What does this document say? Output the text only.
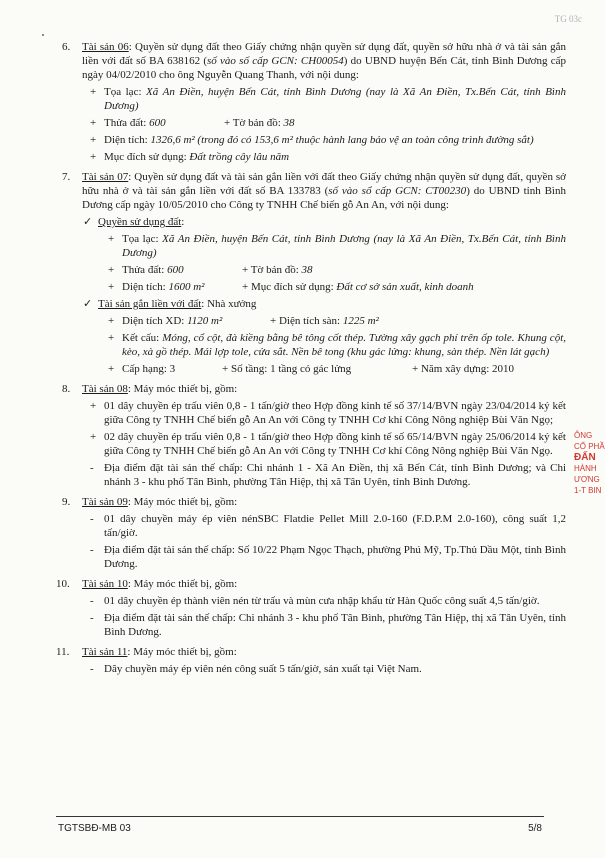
TG 03c
6. Tài sản 06: Quyền sử dụng đất theo Giấy chứng nhận quyền sử dụng đất, quyền sở hữu nhà ở và tài sản gắn liền với đất số BA 638162 (số vào số cấp GCN: CH00054) do UBND huyện Bến Cát, tỉnh Bình Dương cấp ngày 04/02/2010 cho ông Nguyễn Quang Thanh, với nội dung:
+ Tọa lạc: Xã An Điền, huyện Bến Cát, tỉnh Bình Dương (nay là Xã An Điền, Tx.Bến Cát, tỉnh Bình Dương)
+ Thửa đất: 600	+ Tờ bản đồ: 38
+ Diện tích: 1326,6 m² (trong đó có 153,6 m² thuộc hành lang bảo vệ an toàn công trình đường sắt)
+ Mục đích sử dụng: Đất trồng cây lâu năm
7. Tài sản 07: Quyền sử dụng đất và tài sản gắn liền với đất theo Giấy chứng nhận quyền sử dụng đất, quyền sở hữu nhà ở và tài sản gắn liền với đất số BA 133783 (số vào sổ cấp GCN: CT00230) do UBND tỉnh Bình Dương cấp ngày 10/05/2010 cho Công ty TNHH Chế biến gỗ An An, với nội dung:
✓ Quyền sử dụng đất:
+ Tọa lạc: Xã An Điền, huyện Bến Cát, tỉnh Bình Dương (nay là Xã An Điền, Tx.Bến Cát, tỉnh Bình Dương)
+ Thửa đất: 600	+ Tờ bản đồ: 38
+ Diện tích: 1600 m²	+ Mục đích sử dụng: Đất cơ sở sản xuất, kinh doanh
✓ Tài sản gắn liền với đất: Nhà xưởng
+ Diện tích XD: 1120 m²	+ Diện tích sàn: 1225 m²
+ Kết cấu: Móng, cổ cột, đà kiềng bằng bê tông cốt thép. Tường xây gạch phí trên ốp tole. Khung cột, kèo, xà gồ thép. Mái lợp tole, cửa sắt. Nền bê tong (khu gác lửng: khung, sàn thép. Nền lát gạch)
+ Cấp hạng: 3	+ Số tầng: 1 tầng có gác lửng	+ Năm xây dựng: 2010
8. Tài sản 08: Máy móc thiết bị, gồm:
+ 01 dây chuyền ép trấu viên 0,8 - 1 tấn/giờ theo Hợp đồng kinh tế số 37/14/BVN ngày 23/04/2014 ký kết giữa Công ty TNHH Chế biến gỗ An An với Công ty TNHH Cơ khí Công Nông nghiệp Bùi Văn Ngọ;
+ 02 dây chuyền ép trấu viên 0,8 - 1 tấn/giờ theo Hợp đồng kinh tế số 65/14/BVN ngày 25/06/2014 ký kết giữa Công ty TNHH Chế biến gỗ An An với Công ty TNHH Cơ khí Công Nông nghiệp Bùi Văn Ngọ.
- Địa điểm đặt tài sản thế chấp: Chi nhánh 1 - Xã An Điền, thị xã Bến Cát, tỉnh Bình Dương; và Chi nhánh 3 - khu phố Tân Bình, phường Tân Hiệp, thị xã Tân Uyên, tỉnh Bình Dương.
9. Tài sản 09: Máy móc thiết bị, gồm:
- 01 dây chuyền máy ép viên nénSBC Flatdie Pellet Mill 2.0-160 (F.D.P.M 2.0-160), công suất 1,2 tấn/giờ.
- Địa điểm đặt tài sản thế chấp: Số 10/22 Phạm Ngọc Thạch, phường Phú Mỹ, Tp.Thủ Dầu Một, tỉnh Bình Dương.
10. Tài sản 10: Máy móc thiết bị, gồm:
- 01 dây chuyền ép thành viên nén từ trấu và mùn cưa nhập khẩu từ Hàn Quốc công suất 4,5 tấn/giờ.
- Địa điểm đặt tài sản thế chấp: Chi nhánh 3 - khu phố Tân Bình, phường Tân Hiệp, thị xã Tân Uyên, tỉnh Bình Dương.
11. Tài sản 11: Máy móc thiết bị, gồm:
- Dây chuyền máy ép viên nén công suất 5 tấn/giờ, sản xuất tại Việt Nam.
ÔNG
CỔ PHẦ
ĐẤN
HÀNH
ƯƠNG
1-T BIN
TGTSBĐ-MB 03	5/8
